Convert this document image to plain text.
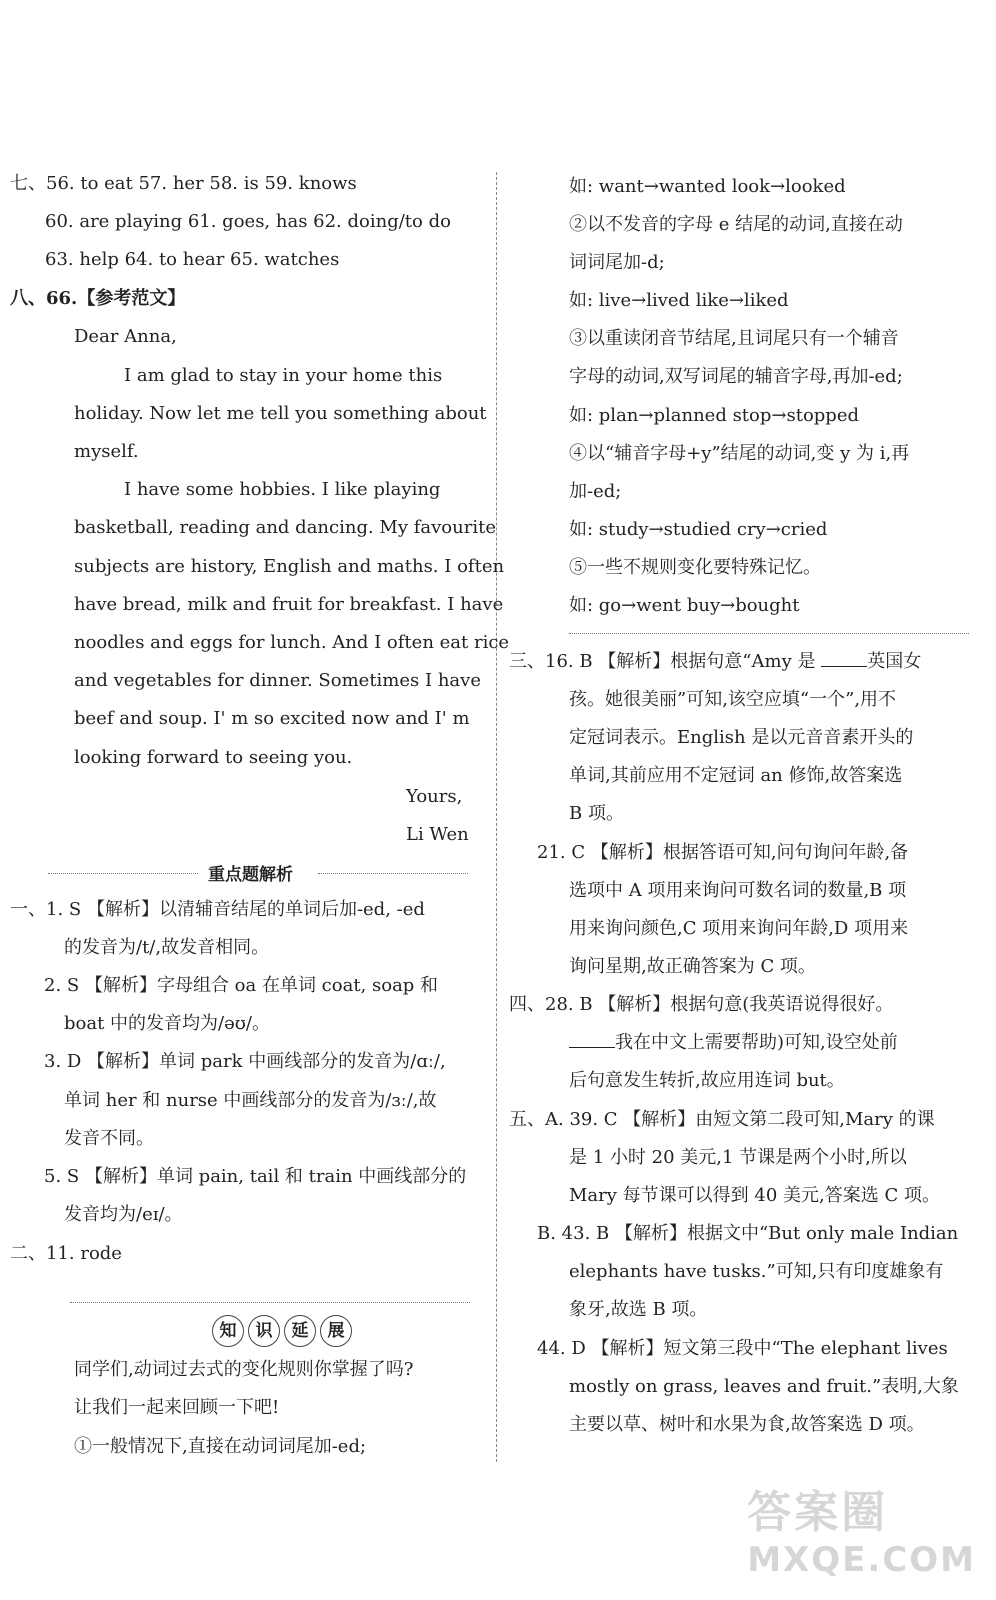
七、56. to eat 57. her 58. is 59. knows
60. are playing 61. goes, has 62. doing/to do
63. help 64. to hear 65. watches
八、66.【参考范文】
Dear Anna,
I am glad to stay in your home this
holiday. Now let me tell you something about
myself.
I have some hobbies. I like playing
basketball, reading and dancing. My favourite
subjects are history, English and maths. I often
have bread, milk and fruit for breakfast. I have
noodles and eggs for lunch. And I often eat rice
and vegetables for dinner. Sometimes I have
beef and soup. I' m so excited now and I' m
looking forward to seeing you.
Yours,
Li Wen
重点题解析
一、1. S 【解析】以清辅音结尾的单词后加-ed, -ed
的发音为/t/,故发音相同。
2. S 【解析】字母组合 oa 在单词 coat, soap 和
boat 中的发音均为/əʊ/。
3. D 【解析】单词 park 中画线部分的发音为/ɑː/,
单词 her 和 nurse 中画线部分的发音为/ɜː/,故
发音不同。
5. S 【解析】单词 pain, tail 和 train 中画线部分的
发音均为/eɪ/。
二、11. rode
知 识 延 展
同学们,动词过去式的变化规则你掌握了吗?
让我们一起来回顾一下吧!
①一般情况下,直接在动词词尾加-ed;
如: want→wanted look→looked
②以不发音的字母 e 结尾的动词,直接在动
词词尾加-d;
如: live→lived like→liked
③以重读闭音节结尾,且词尾只有一个辅音
字母的动词,双写词尾的辅音字母,再加-ed;
如: plan→planned stop→stopped
④以“辅音字母+y”结尾的动词,变 y 为 i,再
加-ed;
如: study→studied cry→cried
⑤一些不规则变化要特殊记忆。
如: go→went buy→bought
三、16. B 【解析】根据句意“Amy 是	英国女
孩。她很美丽”可知,该空应填“一个”,用不
定冠词表示。English 是以元音音素开头的
单词,其前应用不定冠词 an 修饰,故答案选
B 项。
21. C 【解析】根据答语可知,问句询问年龄,备
选项中 A 项用来询问可数名词的数量,B 项
用来询问颜色,C 项用来询问年龄,D 项用来
询问星期,故正确答案为 C 项。
四、28. B 【解析】根据句意(我英语说得很好。
我在中文上需要帮助)可知,设空处前
后句意发生转折,故应用连词 but。
五、A. 39. C 【解析】由短文第二段可知,Mary 的课
是 1 小时 20 美元,1 节课是两个小时,所以
Mary 每节课可以得到 40 美元,答案选 C 项。
B. 43. B 【解析】根据文中“But only male Indian
elephants have tusks.”可知,只有印度雄象有
象牙,故选 B 项。
44. D 【解析】短文第三段中“The elephant lives
mostly on grass, leaves and fruit.”表明,大象
主要以草、树叶和水果为食,故答案选 D 项。
答案圈
MXQE.COM
